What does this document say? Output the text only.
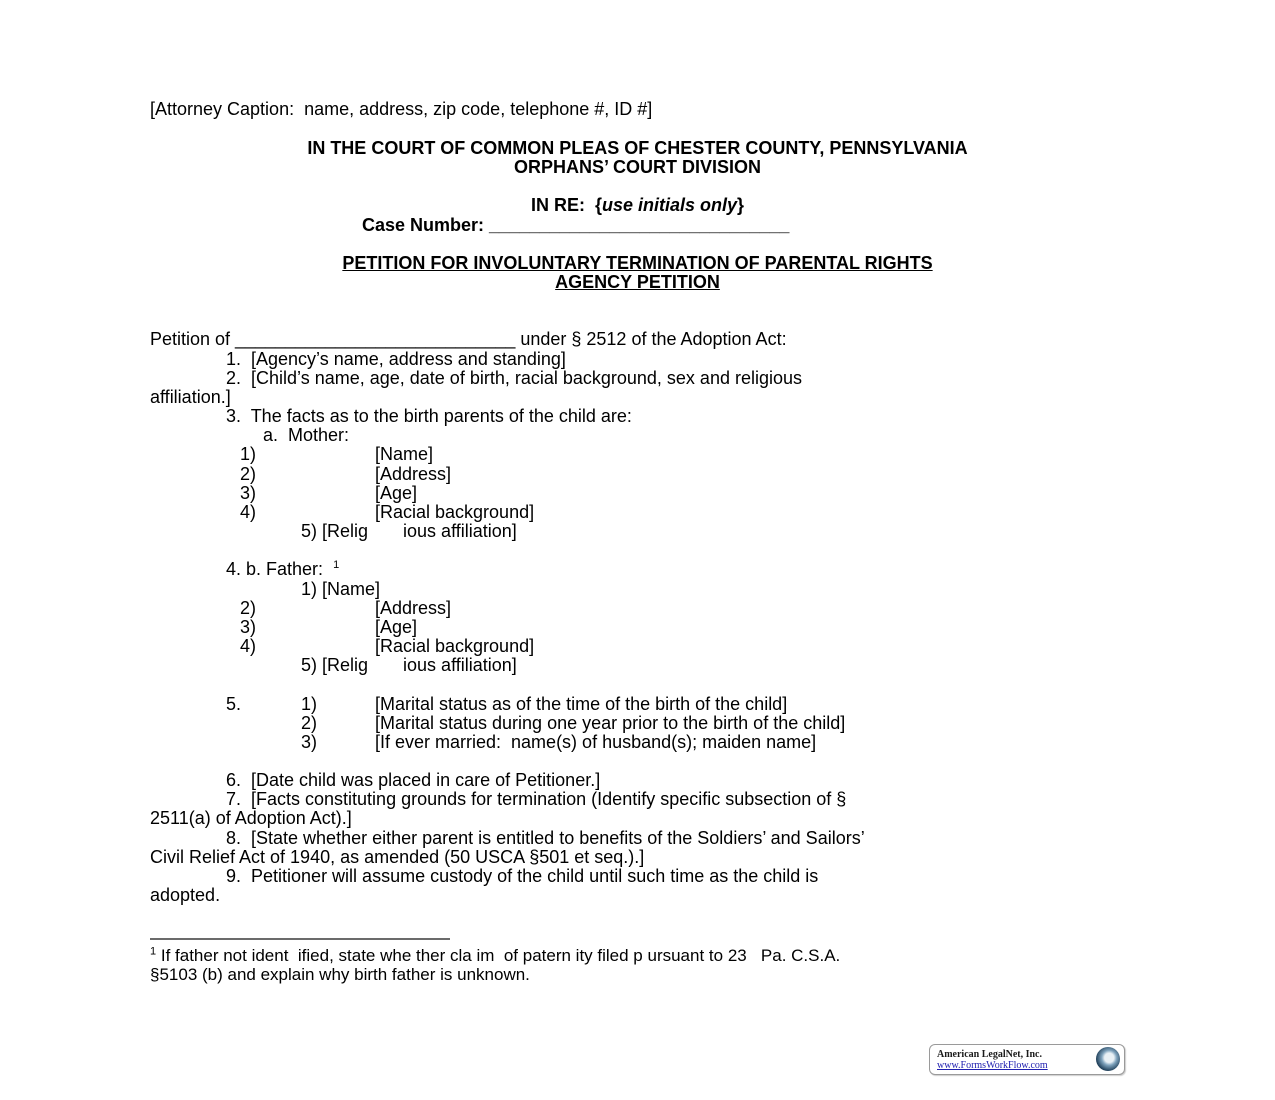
[Attorney Caption:  name, address, zip code, telephone #, ID #]
IN THE COURT OF COMMON PLEAS OF CHESTER COUNTY, PENNSYLVANIA
ORPHANS’ COURT DIVISION
IN RE:  {use initials only}
Case Number: ______________________________
PETITION FOR INVOLUNTARY TERMINATION OF PARENTAL RIGHTS
AGENCY PETITION
Petition of ____________________________ under § 2512 of the Adoption Act:
1.  [Agency’s name, address and standing]
2.  [Child’s name, age, date of birth, racial background, sex and religious
affiliation.]
3.  The facts as to the birth parents of the child are:
a.  Mother:
1)	[Name]
2)	[Address]
3)	[Age]
4)	[Racial background]
5) [Relig       ious affiliation]
4. b. Father:  $^1$
1) [Name]
2)	[Address]
3)	[Age]
4)	[Racial background]
5) [Relig       ious affiliation]
5.	1)	[Marital status as of the time of the birth of the child]
2)	[Marital status during one year prior to the birth of the child]
3)	[If ever married:  name(s) of husband(s); maiden name]
6.  [Date child was placed in care of Petitioner.]
7.  [Facts constituting grounds for termination (Identify specific subsection of §
2511(a) of Adoption Act).]
8.  [State whether either parent is entitled to benefits of the Soldiers’ and Sailors’
Civil Relief Act of 1940, as amended (50 USCA §501 et seq.).]
9.  Petitioner will assume custody of the child until such time as the child is
adopted.
$^1$ If father not ident  ified, state whe ther cla im  of patern ity filed p ursuant to 23   Pa. C.S.A.
§5103 (b) and explain why birth father is unknown.
American LegalNet, Inc.
www.FormsWorkFlow.com
